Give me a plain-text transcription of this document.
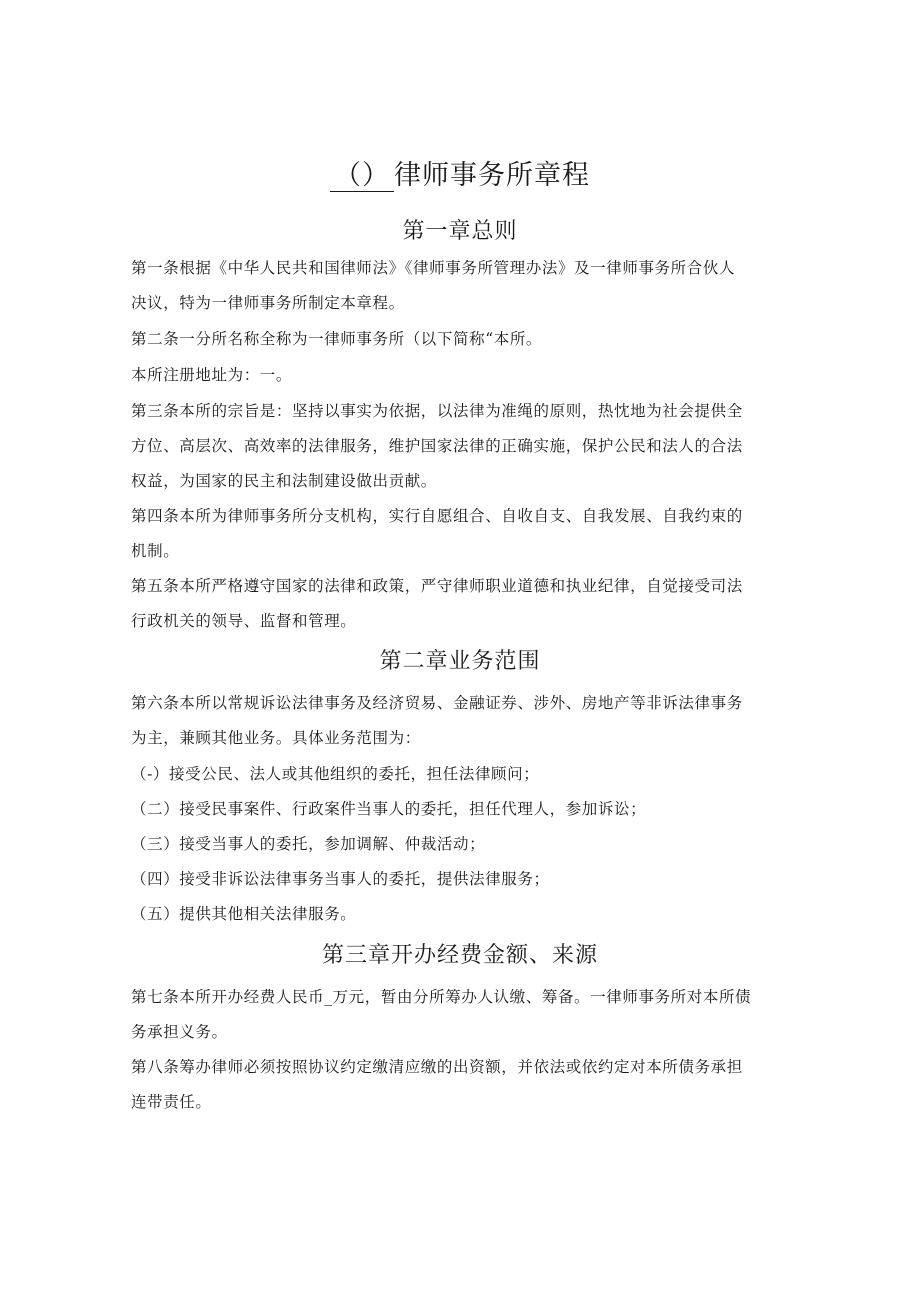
（） 律师事务所章程
第一章总则
第一条根据《中华人民共和国律师法》《律师事务所管理办法》及一律师事务所合伙人
决议，特为一律师事务所制定本章程。
第二条一分所名称全称为一律师事务所（以下简称“本所。
本所注册地址为：一。
第三条本所的宗旨是：坚持以事实为依据，以法律为准绳的原则，热忱地为社会提供全
方位、高层次、高效率的法律服务，维护国家法律的正确实施，保护公民和法人的合法
权益，为国家的民主和法制建设做出贡献。
第四条本所为律师事务所分支机构，实行自愿组合、自收自支、自我发展、自我约束的
机制。
第五条本所严格遵守国家的法律和政策，严守律师职业道德和执业纪律，自觉接受司法
行政机关的领导、监督和管理。
第二章业务范围
第六条本所以常规诉讼法律事务及经济贸易、金融证券、涉外、房地产等非诉法律事务
为主，兼顾其他业务。具体业务范围为：
（-）接受公民、法人或其他组织的委托，担任法律顾问；
（二）接受民事案件、行政案件当事人的委托，担任代理人，参加诉讼；
（三）接受当事人的委托，参加调解、仲裁活动；
（四）接受非诉讼法律事务当事人的委托，提供法律服务；
（五）提供其他相关法律服务。
第三章开办经费金额、来源
第七条本所开办经费人民币_万元，暂由分所筹办人认缴、筹备。一律师事务所对本所债
务承担义务。
第八条筹办律师必须按照协议约定缴清应缴的出资额，并依法或依约定对本所债务承担
连带责任。
